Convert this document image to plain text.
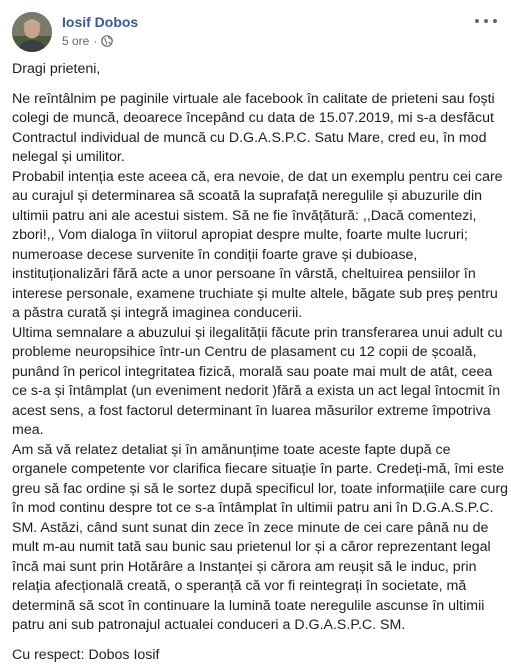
Iosif Dobos
5 ore ·

Dragi prieteni,

Ne reîntâlnim pe paginile virtuale ale facebook în calitate de prieteni sau foști
colegi de muncă, deoarece începând cu data de 15.07.2019, mi s-a desfăcut
Contractul individual de muncă cu D.G.A.S.P.C. Satu Mare, cred eu, în mod
nelegal și umilitor.

Probabil intenția este aceea că, era nevoie, de dat un exemplu pentru cei care
au curajul și determinarea să scoată la suprafață neregulile și abuzurile din
ultimii patru ani ale acestui sistem. Să ne fie învățătură: ,,Dacă comentezi,
zbori!,, Vom dialoga în viitorul apropiat despre multe, foarte multe lucruri;
numeroase decese survenite în condiții foarte grave și dubioase,
instituționalizări fără acte a unor persoane în vârstă, cheltuirea pensiilor în
interese personale, examene truchiate și multe altele, băgate sub preș pentru
a păstra curată și integră imaginea conducerii.

Ultima semnalare a abuzului și ilegalității făcute prin transferarea unui adult cu
probleme neuropsihice într-un Centru de plasament cu 12 copii de școală,
punând în pericol integritatea fizică, morală sau poate mai mult de atât, ceea
ce s-a și întâmplat (un eveniment nedorit )fără a exista un act legal întocmit în
acest sens, a fost factorul determinant în luarea măsurilor extreme împotriva
mea.

Am să vă relatez detaliat și în amănunțime toate aceste fapte după ce
organele competente vor clarifica fiecare situație în parte. Credeți-mă, îmi este
greu să fac ordine și să le sortez după specificul lor, toate informațiile care curg
în mod continu despre tot ce s-a întâmplat în ultimii patru ani în D.G.A.S.P.C.
SM. Astăzi, când sunt sunat din zece în zece minute de cei care până nu de
mult m-au numit tată sau bunic sau prietenul lor și a căror reprezentant legal
încă mai sunt prin Hotărâre a Instanței și cărora am reușit să le induc, prin
relația afecțională creată, o speranță că vor fi reintegrați în societate, mă
determină să scot în continuare la lumină toate neregulile ascunse în ultimii
patru ani sub patronajul actualei conduceri a D.G.A.S.P.C. SM.

Cu respect: Dobos Iosif
